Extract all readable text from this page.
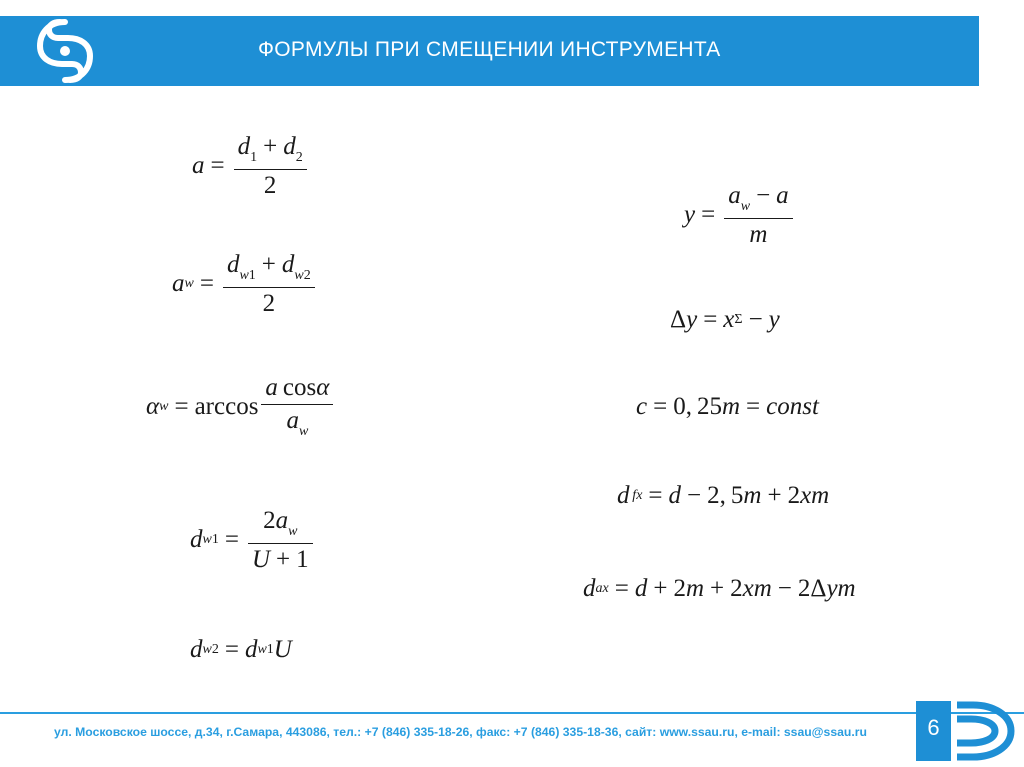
ФОРМУЛЫ ПРИ СМЕЩЕНИИ ИНСТРУМЕНТА
$a = \frac{d_1 + d_2}{2}$
a $w = \frac{d_{w1} + d_{w2}}{2}$
α $w = \arccos \frac{\text{a cosα}}{a_w}$
d w $1 = \frac{2a_w}{U + 1}$
d w 2 = d w 1 U
$y = \frac{a_w - a}{m}$
Δ y = x Σ − y
c = 0, 25 m = const
d  fx = d − 2, 5 m + 2 xm
d ax = d + 2 m + 2 xm − 2Δ ym
ул. Московское шоссе, д.34, г.Самара, 443086, тел.: +7 (846) 335-18-26, факс: +7 (846) 335-18-36, сайт: www.ssau.ru, e-mail: ssau@ssau.ru	6
